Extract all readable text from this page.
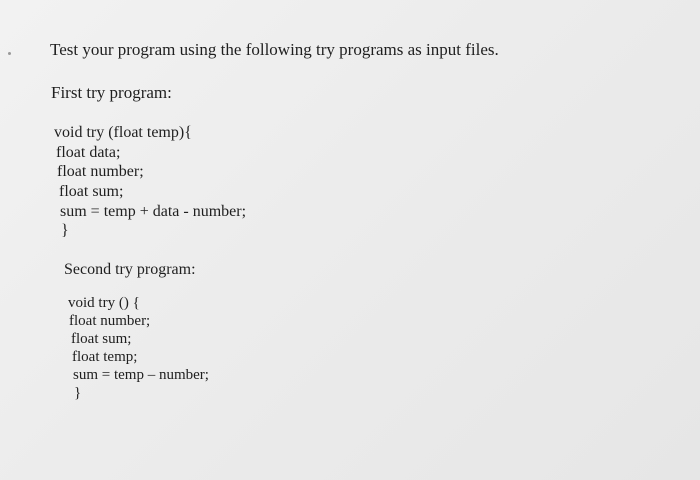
Test your program using the following try programs as input files.
First try program:
void try (float temp){
float data;
float number;
float sum;
sum = temp + data - number;
}
Second try program:
void try () {
float number;
float sum;
float temp;
sum = temp – number;
}
